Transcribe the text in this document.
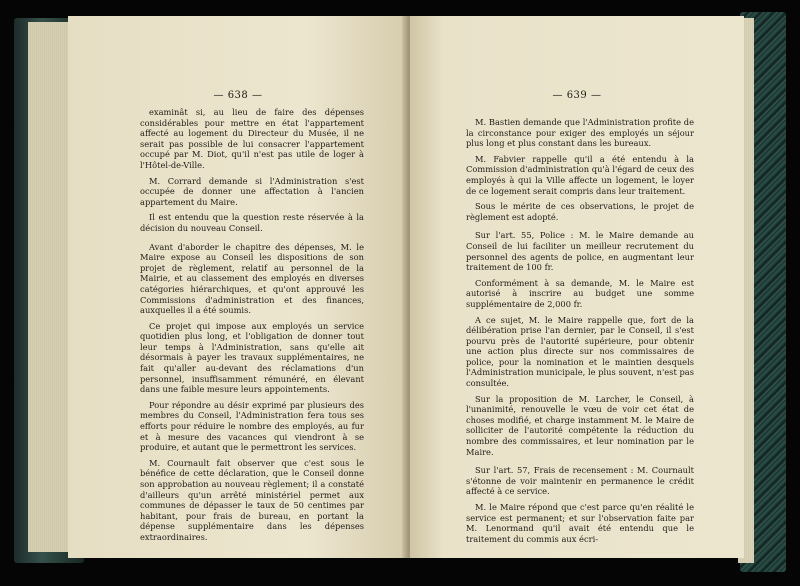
— 638 —

examinât si, au lieu de faire des dépenses considérables pour mettre en état l'appartement affecté au logement du Directeur du Musée, il ne serait pas possible de lui consacrer l'appartement occupé par M. Diot, qu'il n'est pas utile de loger à l'Hôtel-de-Ville.

M. Corrard demande si l'Administration s'est occupée de donner une affectation à l'ancien appartement du Maire.

Il est entendu que la question reste réservée à la décision du nouveau Conseil.

Avant d'aborder le chapitre des dépenses, M. le Maire expose au Conseil les dispositions de son projet de règlement, relatif au personnel de la Mairie, et au classement des employés en diverses catégories hiérarchiques, et qu'ont approuvé les Commissions d'administration et des finances, auxquelles il a été soumis.

Ce projet qui impose aux employés un service quotidien plus long, et l'obligation de donner tout leur temps à l'Administration, sans qu'elle ait désormais à payer les travaux supplémentaires, ne fait qu'aller au-devant des réclamations d'un personnel, insuffisamment rémunéré, en élevant dans une faible mesure leurs appointements.

Pour répondre au désir exprimé par plusieurs des membres du Conseil, l'Administration fera tous ses efforts pour réduire le nombre des employés, au fur et à mesure des vacances qui viendront à se produire, et autant que le permettront les services.

M. Cournault fait observer que c'est sous le bénéfice de cette déclaration, que le Conseil donne son approbation au nouveau règlement; il a constaté d'ailleurs qu'un arrêté ministériel permet aux communes de dépasser le taux de 50 centimes par habitant, pour frais de bureau, en portant la dépense supplémentaire dans les dépenses extraordinaires.

— 639 —

M. Bastien demande que l'Administration profite de la circonstance pour exiger des employés un séjour plus long et plus constant dans les bureaux.

M. Fabvier rappelle qu'il a été entendu à la Commission d'administration qu'à l'égard de ceux des employés à qui la Ville affecte un logement, le loyer de ce logement serait compris dans leur traitement.

Sous le mérite de ces observations, le projet de règlement est adopté.

Sur l'art. 55, Police : M. le Maire demande au Conseil de lui faciliter un meilleur recrutement du personnel des agents de police, en augmentant leur traitement de 100 fr.

Conformément à sa demande, M. le Maire est autorisé à inscrire au budget une somme supplémentaire de 2,000 fr.

A ce sujet, M. le Maire rappelle que, fort de la délibération prise l'an dernier, par le Conseil, il s'est pourvu près de l'autorité supérieure, pour obtenir une action plus directe sur nos commissaires de police, pour la nomination et le maintien desquels l'Administration municipale, le plus souvent, n'est pas consultée.

Sur la proposition de M. Larcher, le Conseil, à l'unanimité, renouvelle le vœu de voir cet état de choses modifié, et charge instamment M. le Maire de solliciter de l'autorité compétente la réduction du nombre des commissaires, et leur nomination par le Maire.

Sur l'art. 57, Frais de recensement : M. Cournault s'étonne de voir maintenir en permanence le crédit affecté à ce service.

M. le Maire répond que c'est parce qu'en réalité le service est permanent; et sur l'observation faite par M. Lenormand qu'il avait été entendu que le traitement du commis aux écri-
